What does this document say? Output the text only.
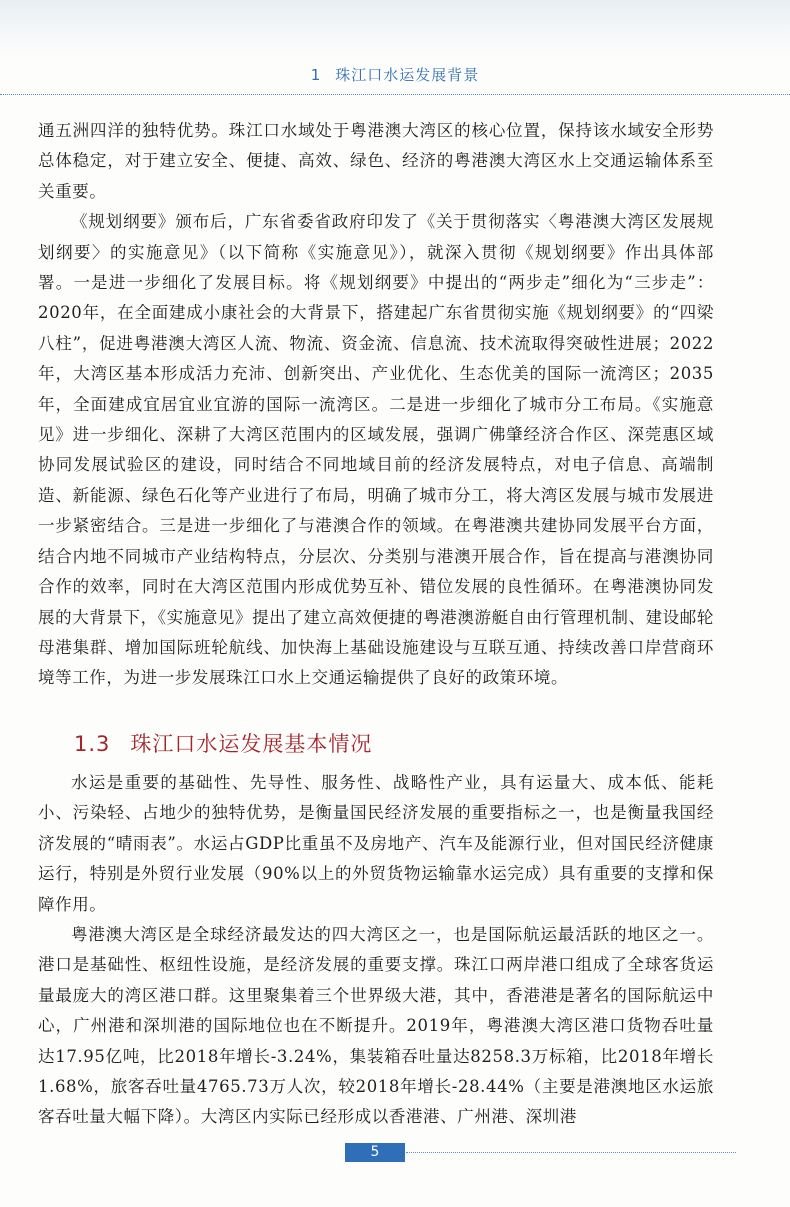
1 珠江口水运发展背景

通五洲四洋的独特优势。珠江口水域处于粤港澳大湾区的核心位置，保持该水域安全形势总体稳定，对于建立安全、便捷、高效、绿色、经济的粤港澳大湾区水上交通运输体系至关重要。

《规划纲要》颁布后，广东省委省政府印发了《关于贯彻落实〈粤港澳大湾区发展规划纲要〉的实施意见》（以下简称《实施意见》），就深入贯彻《规划纲要》作出具体部署。一是进一步细化了发展目标。将《规划纲要》中提出的“两步走”细化为“三步走”：2020年，在全面建成小康社会的大背景下，搭建起广东省贯彻实施《规划纲要》的“四梁八柱”，促进粤港澳大湾区人流、物流、资金流、信息流、技术流取得突破性进展；2022年，大湾区基本形成活力充沛、创新突出、产业优化、生态优美的国际一流湾区；2035年，全面建成宜居宜业宜游的国际一流湾区。二是进一步细化了城市分工布局。《实施意见》进一步细化、深耕了大湾区范围内的区域发展，强调广佛肇经济合作区、深莞惠区域协同发展试验区的建设，同时结合不同地域目前的经济发展特点，对电子信息、高端制造、新能源、绿色石化等产业进行了布局，明确了城市分工，将大湾区发展与城市发展进一步紧密结合。三是进一步细化了与港澳合作的领域。在粤港澳共建协同发展平台方面，结合内地不同城市产业结构特点，分层次、分类别与港澳开展合作，旨在提高与港澳协同合作的效率，同时在大湾区范围内形成优势互补、错位发展的良性循环。在粤港澳协同发展的大背景下，《实施意见》提出了建立高效便捷的粤港澳游艇自由行管理机制、建设邮轮母港集群、增加国际班轮航线、加快海上基础设施建设与互联互通、持续改善口岸营商环境等工作，为进一步发展珠江口水上交通运输提供了良好的政策环境。

1.3 珠江口水运发展基本情况

水运是重要的基础性、先导性、服务性、战略性产业，具有运量大、成本低、能耗小、污染轻、占地少的独特优势，是衡量国民经济发展的重要指标之一，也是衡量我国经济发展的“晴雨表”。水运占GDP比重虽不及房地产、汽车及能源行业，但对国民经济健康运行，特别是外贸行业发展（90%以上的外贸货物运输靠水运完成）具有重要的支撑和保障作用。

粤港澳大湾区是全球经济最发达的四大湾区之一，也是国际航运最活跃的地区之一。港口是基础性、枢纽性设施，是经济发展的重要支撑。珠江口两岸港口组成了全球客货运量最庞大的湾区港口群。这里聚集着三个世界级大港，其中，香港港是著名的国际航运中心，广州港和深圳港的国际地位也在不断提升。2019年，粤港澳大湾区港口货物吞吐量达17.95亿吨，比2018年增长-3.24%，集装箱吞吐量达8258.3万标箱，比2018年增长1.68%，旅客吞吐量4765.73万人次，较2018年增长-28.44%（主要是港澳地区水运旅客吞吐量大幅下降）。大湾区内实际已经形成以香港港、广州港、深圳港

5
